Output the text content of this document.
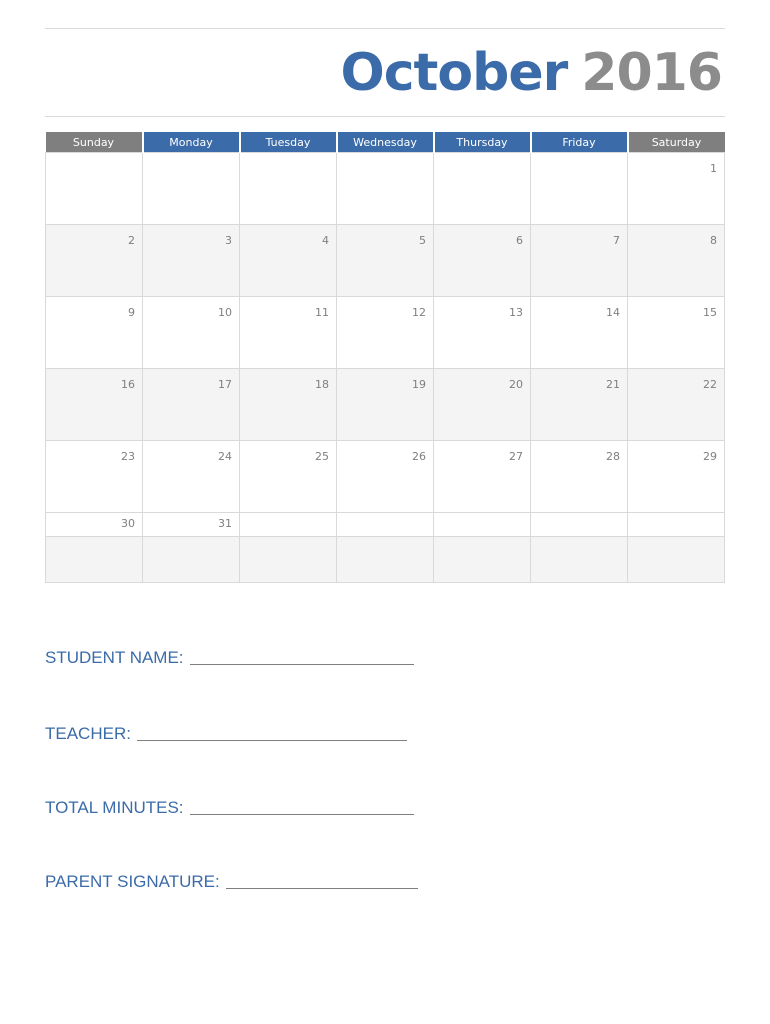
October 2016
Sunday	Monday	Tuesday	Wednesday	Thursday	Friday	Saturday

						1

2	3	4	5	6	7	8

9	10	11	12	13	14	15

16	17	18	19	20	21	22

23	24	25	26	27	28	29

30	31					

STUDENT NAME:
TEACHER:
TOTAL MINUTES:
PARENT SIGNATURE:
